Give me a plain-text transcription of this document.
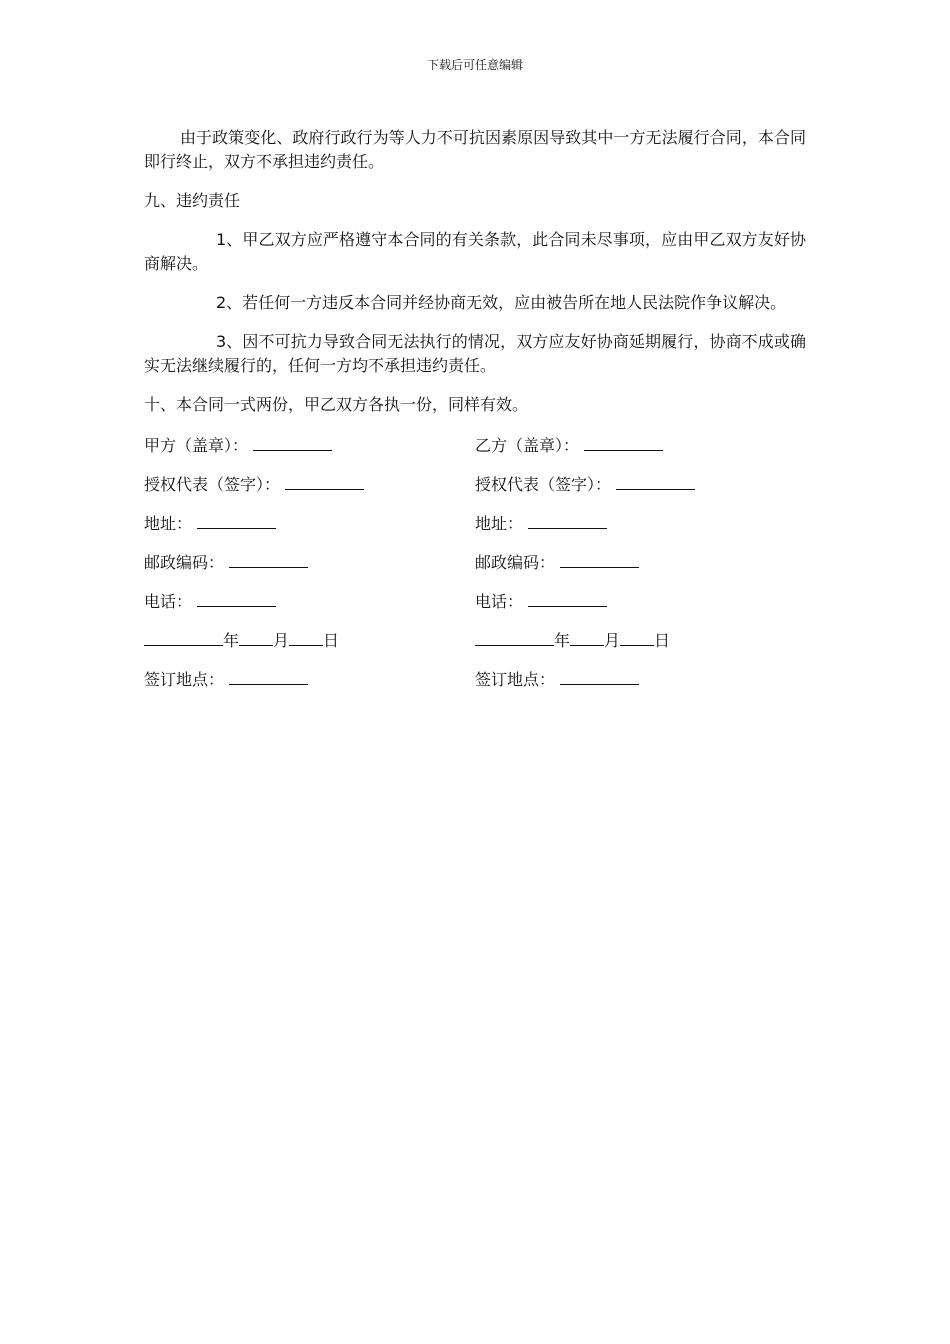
下载后可任意编辑

由于政策变化、政府行政行为等人力不可抗因素原因导致其中一方无法履行合同，本合同即行终止，双方不承担违约责任。

九、违约责任

1、甲乙双方应严格遵守本合同的有关条款，此合同未尽事项，应由甲乙双方友好协商解决。

2、若任何一方违反本合同并经协商无效，应由被告所在地人民法院作争议解决。

3、因不可抗力导致合同无法执行的情况，双方应友好协商延期履行，协商不成或确实无法继续履行的，任何一方均不承担违约责任。

十、本合同一式两份，甲乙双方各执一份，同样有效。

甲方（盖章）：	乙方（盖章）：
授权代表（签字）：	授权代表（签字）：
地址：	地址：
邮政编码：	邮政编码：
电话：	电话：
年 月 日	年 月 日
签订地点：	签订地点：
